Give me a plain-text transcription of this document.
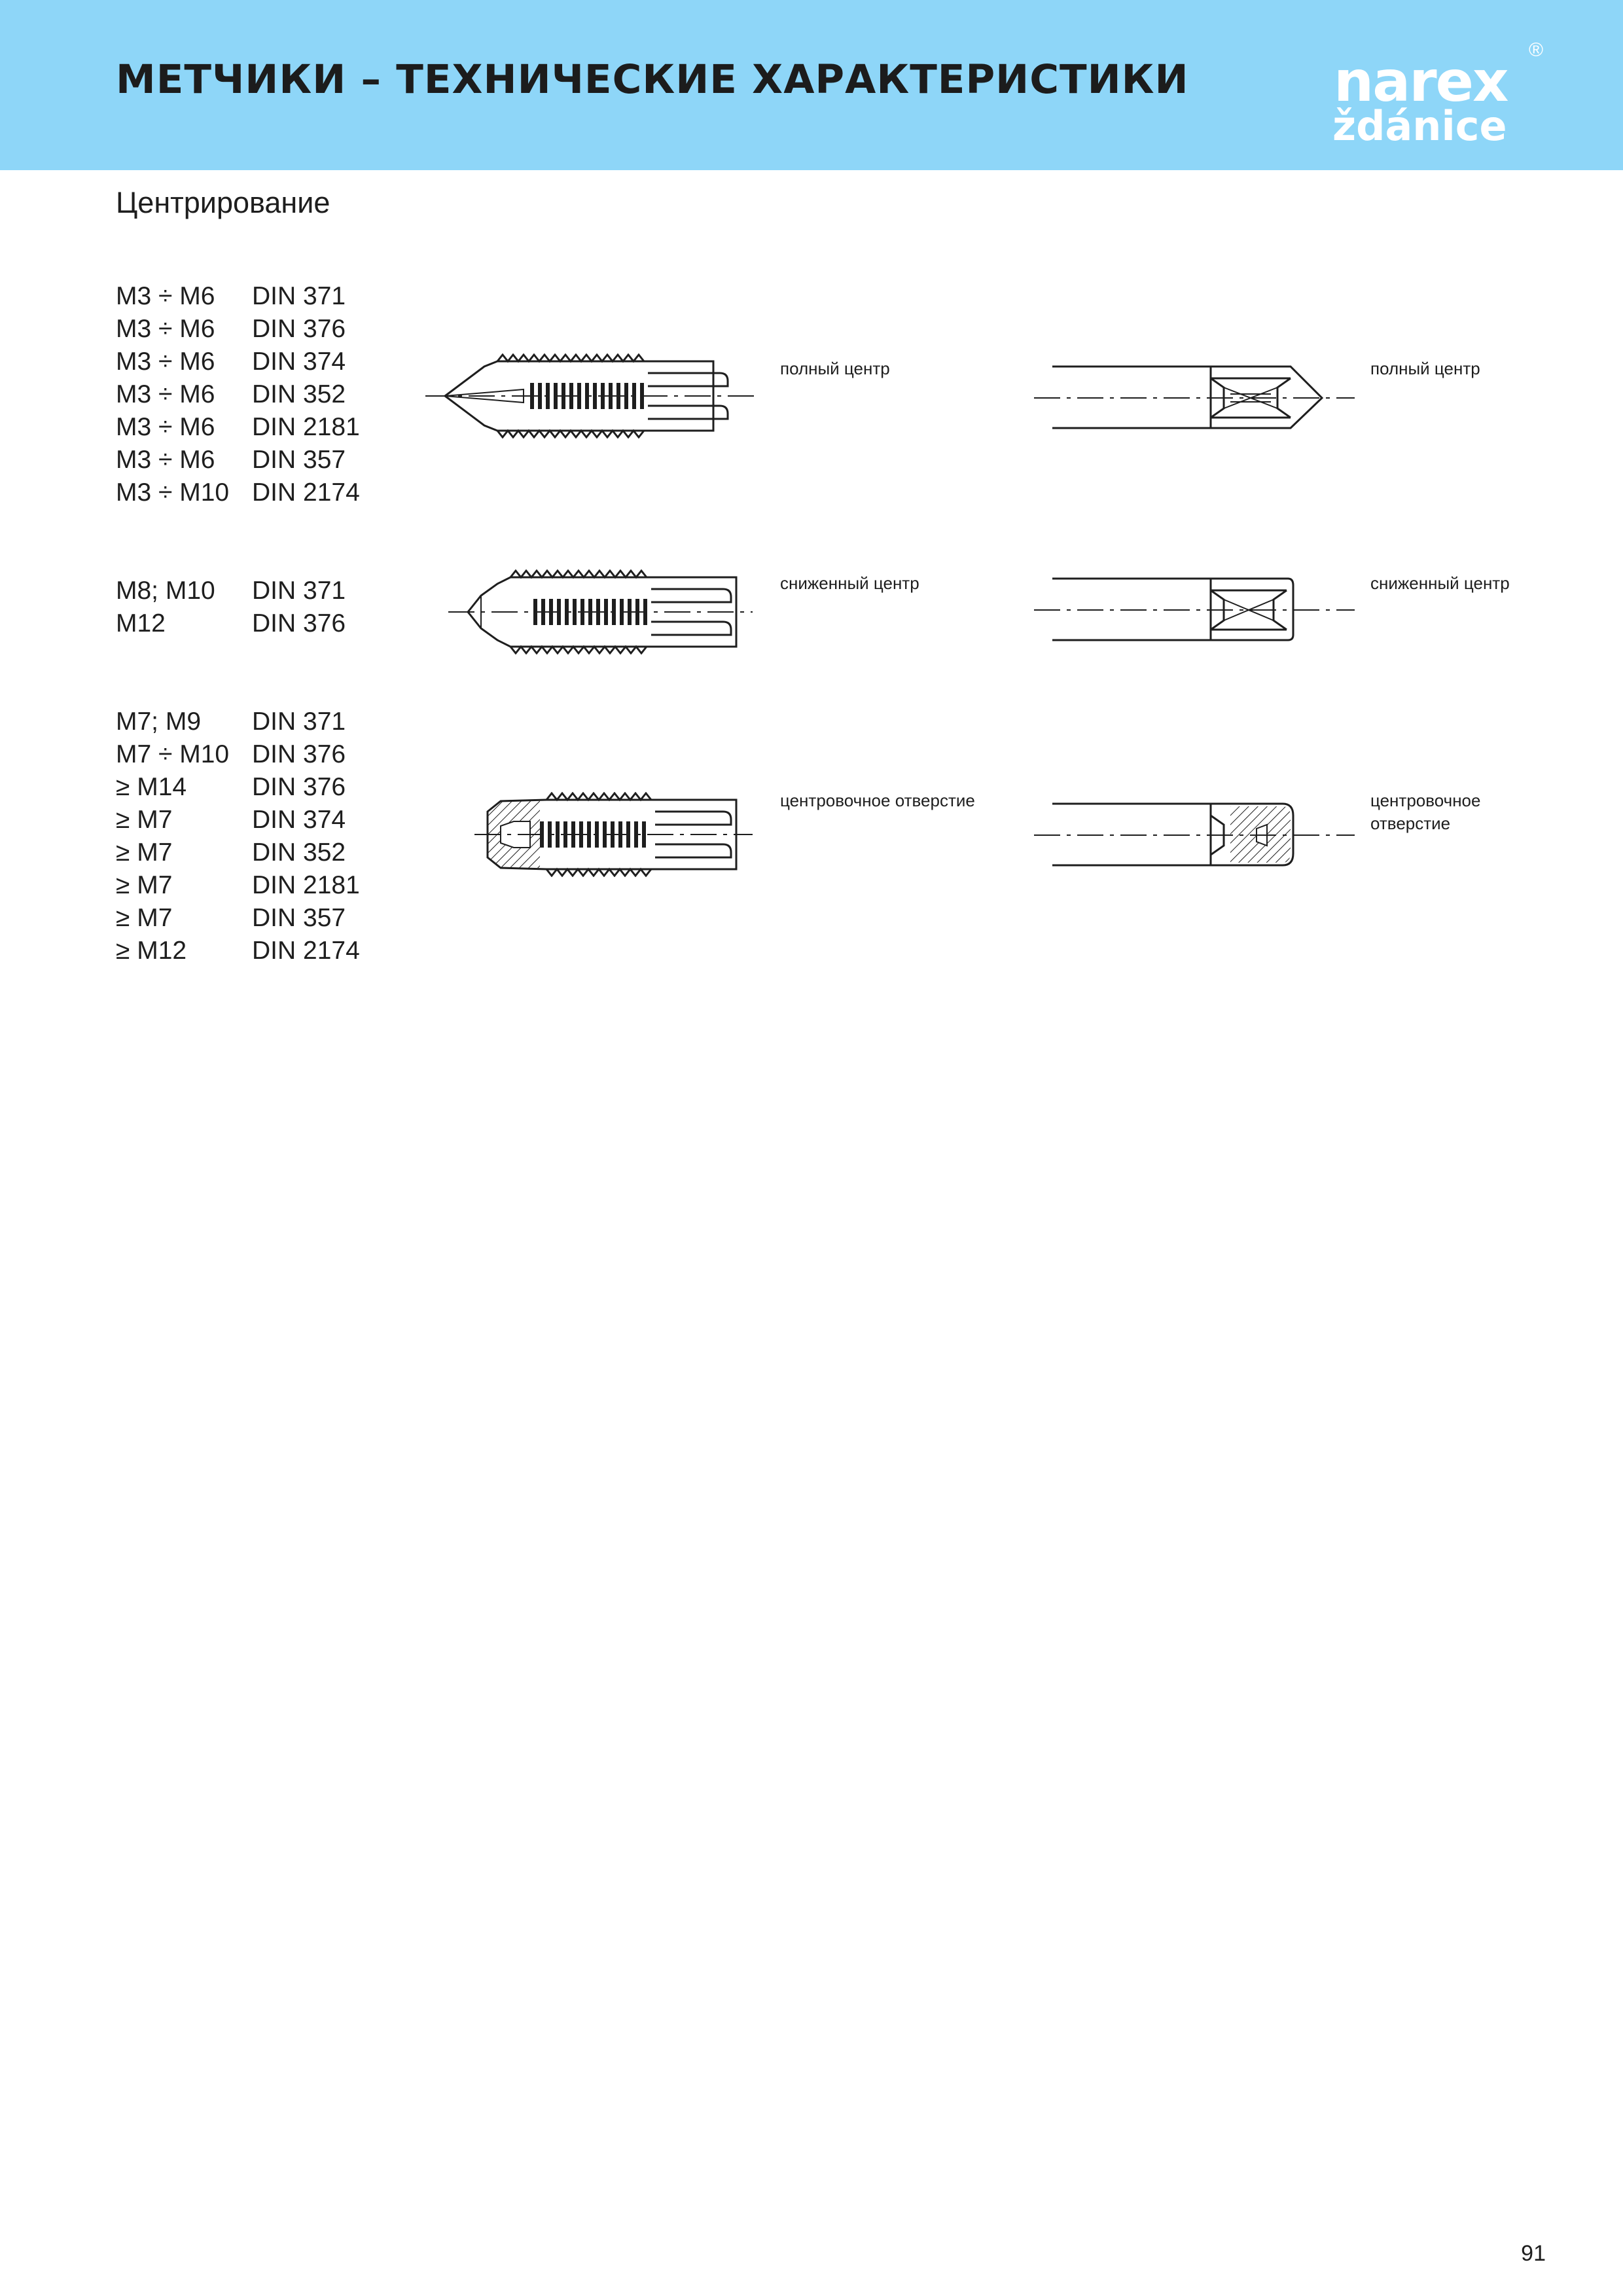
МЕТЧИКИ – ТЕХНИЧЕСКИЕ ХАРАКТЕРИСТИКИ
®
narex
ždánice
Центрирование
M3 ÷ M6	DIN 371
M3 ÷ M6	DIN 376
M3 ÷ M6	DIN 374
M3 ÷ M6	DIN 352
M3 ÷ M6	DIN 2181
M3 ÷ M6	DIN 357
M3 ÷ M10 DIN 2174
полный центр	полный центр
M8; M10	DIN 371
M12	DIN 376
сниженный центр	сниженный центр
M7; M9	DIN 371
M7 ÷ M10 DIN 376
≥ M14	DIN 376
≥ M7	DIN 374
≥ M7	DIN 352
≥ M7	DIN 2181
≥ M7	DIN 357
≥ M12	DIN 2174
центровочное отверстие	центровочное
отверстие
91
